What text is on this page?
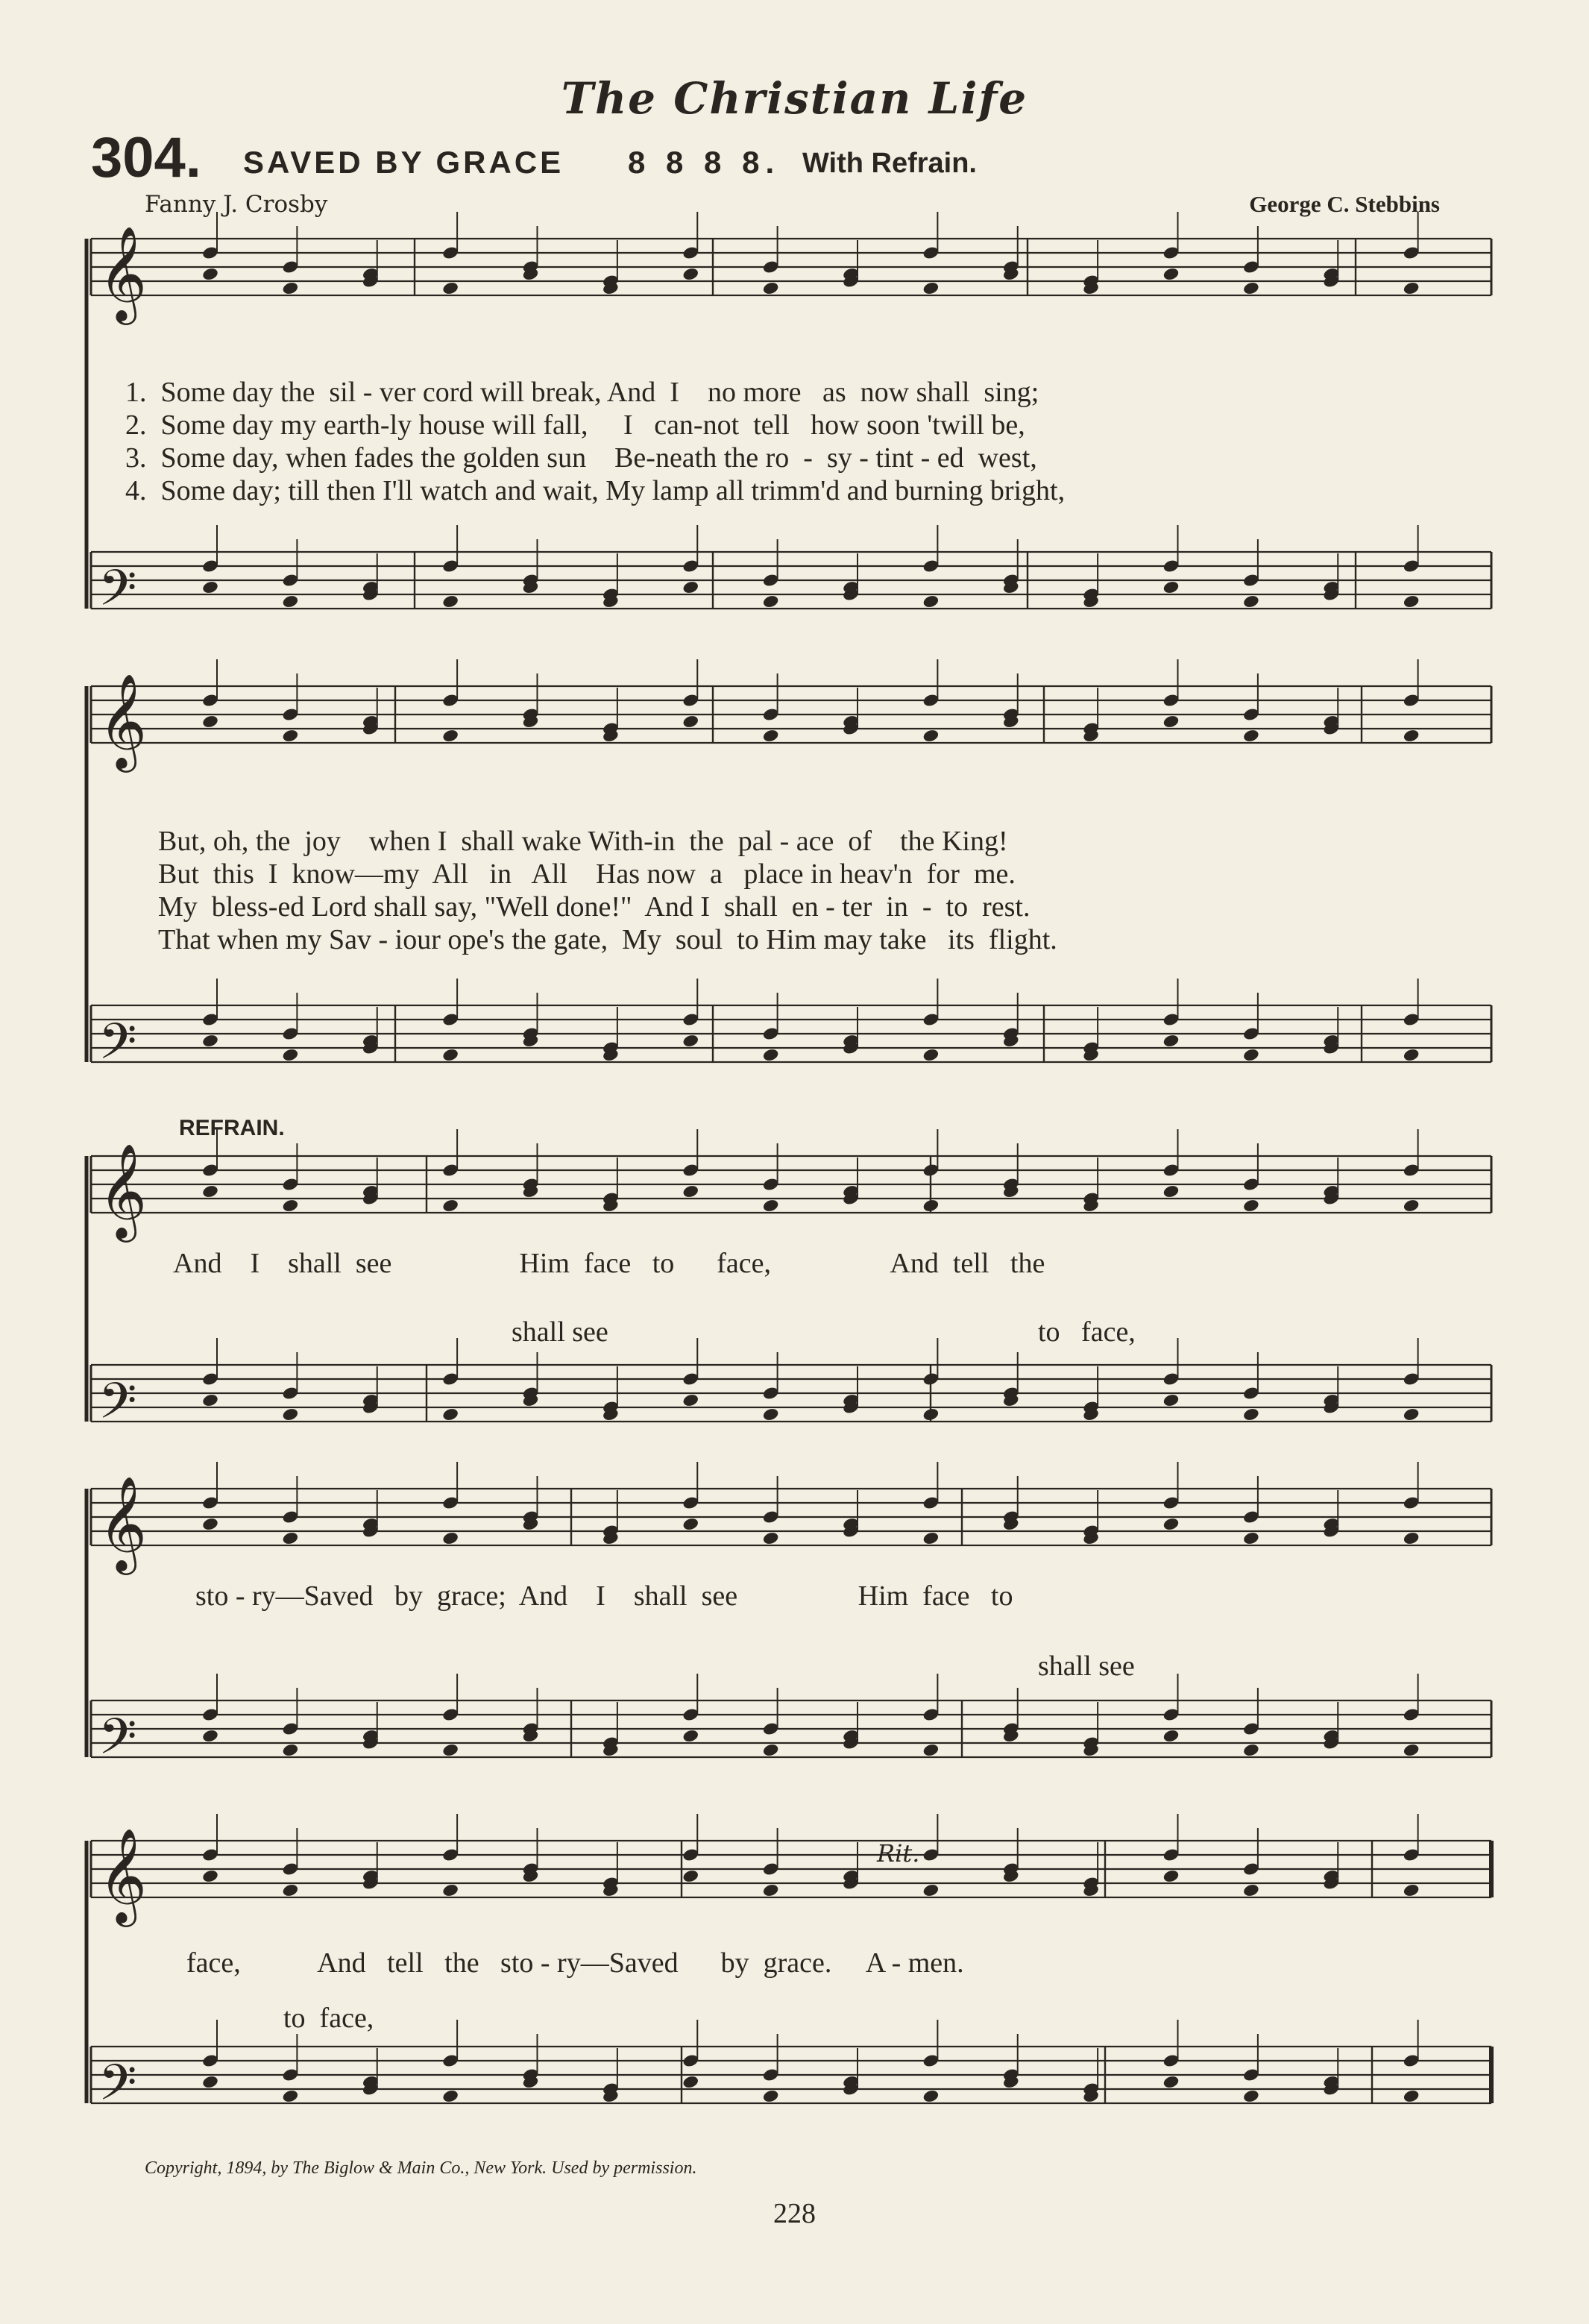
The Christian Life
304. SAVED BY GRACE 8 8 8 8. With Refrain.
Fanny J. Crosby	George C. Stebbins
𝄞
𝄢
𝄞
𝄢
𝄞
𝄢
𝄞
𝄢
𝄞
𝄢
1.  Some day the  sil - ver cord will break, And  I    no more   as  now shall  sing;
2.  Some day my earth-ly house will fall,     I   can-not  tell   how soon 'twill be,
3.  Some day, when fades the golden sun    Be-neath the ro  -  sy - tint - ed  west,
4.  Some day; till then I'll watch and wait, My lamp all trimm'd and burning bright,
But, oh, the  joy    when I  shall wake With-in  the  pal - ace  of    the King!
But  this  I  know—my  All   in   All    Has now  a   place in heav'n  for  me.
My  bless-ed Lord shall say, "Well done!"  And I  shall  en - ter  in  -  to  rest.
That when my Sav - iour ope's the gate,  My  soul  to Him may take   its  flight.
REFRAIN.
And    I    shall  see                  Him  face   to      face,                 And  tell   the
shall see	to   face,
sto - ry—Saved   by  grace;  And    I    shall  see                 Him  face   to
shall see
Rit.
face,           And   tell   the   sto - ry—Saved      by  grace.     A - men.
to  face,
Copyright, 1894, by The Biglow & Main Co., New York. Used by permission.
228
